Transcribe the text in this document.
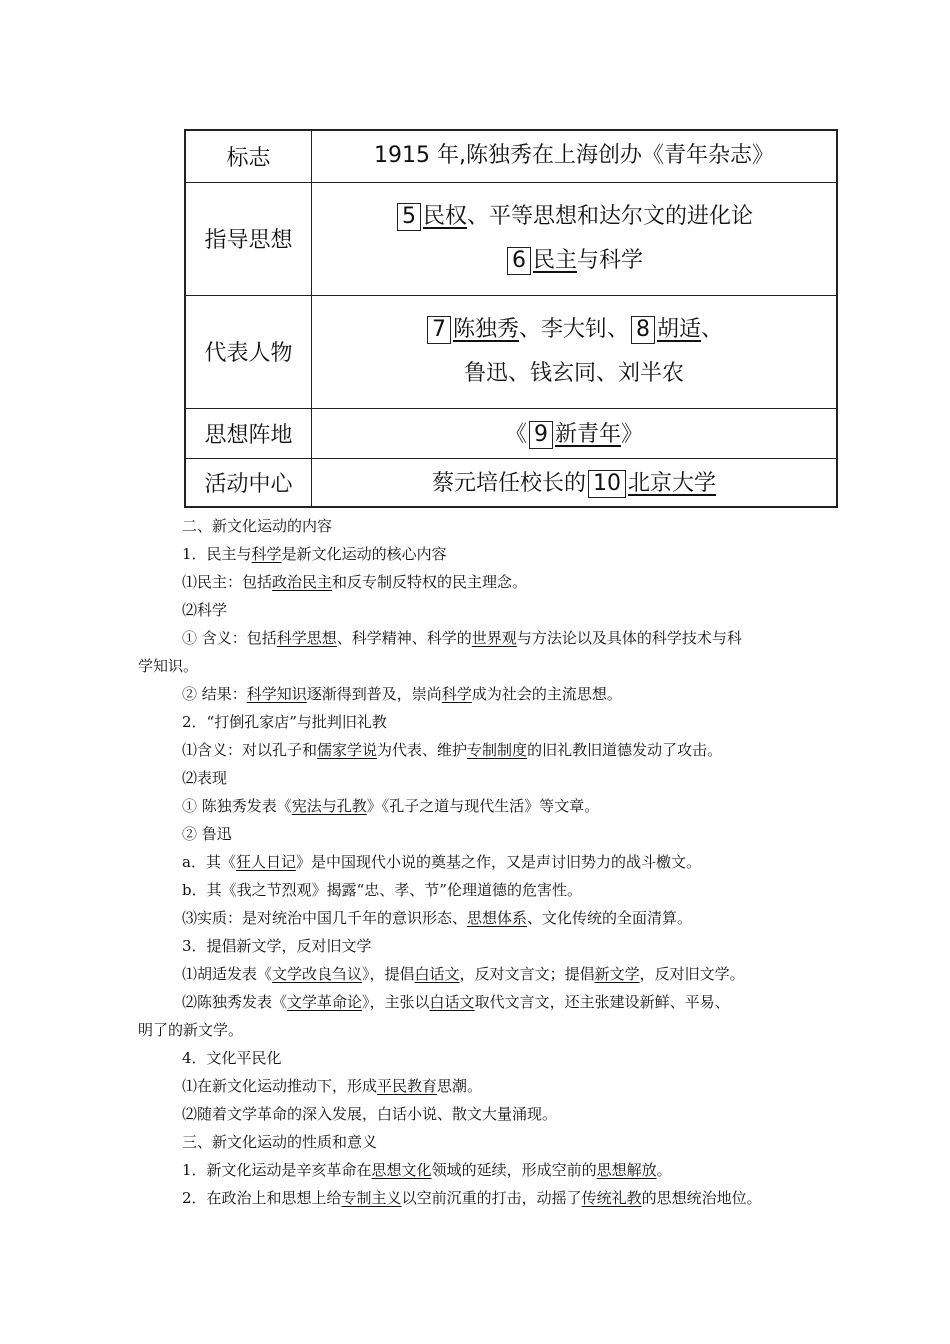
标志	1915 年,陈独秀在上海创办《青年杂志》
指导思想	5 民权、平等思想和达尔文的进化论
6 民主与科学

代表人物	7 陈独秀、李大钊、 8 胡适、
鲁迅、钱玄同、刘半农

思想阵地	《 9 新青年》
活动中心	蔡元培任校长的 10 北京大学
二、新文化运动的内容
1．民主与科学是新文化运动的核心内容
⑴民主：包括政治民主和反专制反特权的民主理念。
⑵科学
① 含义：包括科学思想、科学精神、科学的世界观与方法论以及具体的科学技术与科
学知识。
② 结果：科学知识逐渐得到普及，崇尚科学成为社会的主流思想。
2．“打倒孔家店”与批判旧礼教
⑴含义：对以孔子和儒家学说为代表、维护专制制度的旧礼教旧道德发动了攻击。
⑵表现
① 陈独秀发表《宪法与孔教》《孔子之道与现代生活》等文章。
② 鲁迅
a．其《狂人日记》是中国现代小说的奠基之作，又是声讨旧势力的战斗檄文。
b．其《我之节烈观》揭露“忠、孝、节”伦理道德的危害性。
⑶实质：是对统治中国几千年的意识形态、思想体系、文化传统的全面清算。
3．提倡新文学，反对旧文学
⑴胡适发表《文学改良刍议》，提倡白话文，反对文言文；提倡新文学，反对旧文学。
⑵陈独秀发表《文学革命论》，主张以白话文取代文言文，还主张建设新鲜、平易、
明了的新文学。
4．文化平民化
⑴在新文化运动推动下，形成平民教育思潮。
⑵随着文学革命的深入发展，白话小说、散文大量涌现。
三、新文化运动的性质和意义
1．新文化运动是辛亥革命在思想文化领域的延续，形成空前的思想解放。
2．在政治上和思想上给专制主义以空前沉重的打击，动摇了传统礼教的思想统治地位。
